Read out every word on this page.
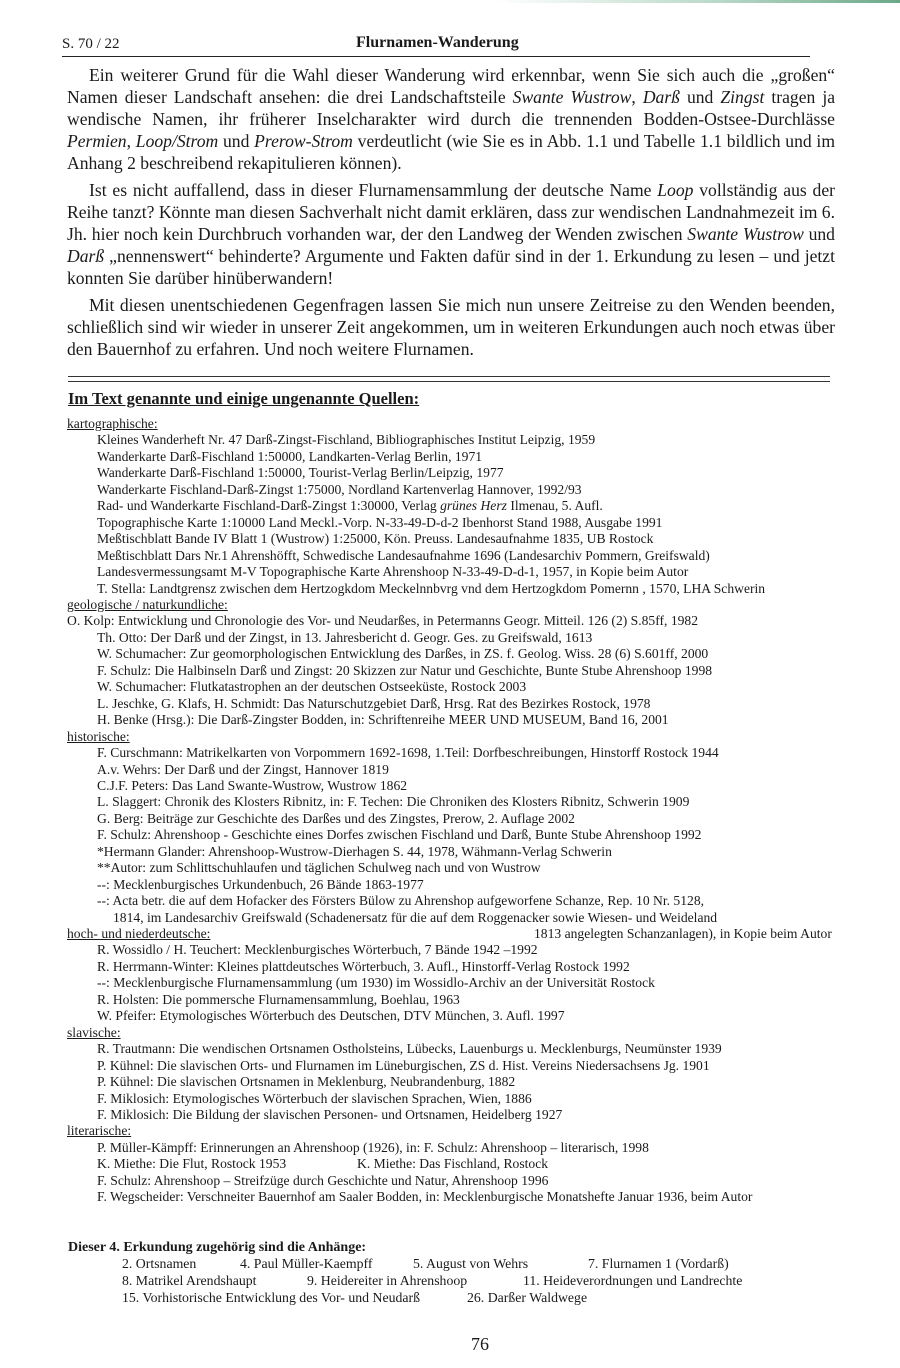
S. 70 / 22	Flurnamen-Wanderung

Ein weiterer Grund für die Wahl dieser Wanderung wird erkennbar, wenn Sie sich auch die „großen“ Namen dieser Landschaft ansehen: die drei Landschaftsteile Swante Wustrow, Darß und Zingst tragen ja wendische Namen, ihr früherer Inselcharakter wird durch die trennenden Bodden-Ostsee-Durchlässe Permien, Loop/Strom und Prerow-Strom verdeutlicht (wie Sie es in Abb. 1.1 und Tabelle 1.1 bildlich und im Anhang 2 beschreibend rekapitulieren können).

Ist es nicht auffallend, dass in dieser Flurnamensammlung der deutsche Name Loop vollständig aus der Reihe tanzt? Könnte man diesen Sachverhalt nicht damit erklären, dass zur wendischen Landnahmezeit im 6. Jh. hier noch kein Durchbruch vorhanden war, der den Landweg der Wenden zwischen Swante Wustrow und Darß „nennenswert“ behinderte? Argumente und Fakten dafür sind in der 1. Erkundung zu lesen – und jetzt konnten Sie darüber hinüberwandern!

Mit diesen unentschiedenen Gegenfragen lassen Sie mich nun unsere Zeitreise zu den Wenden beenden, schließlich sind wir wieder in unserer Zeit angekommen, um in weiteren Erkundungen auch noch etwas über den Bauernhof zu erfahren. Und noch weitere Flurnamen.

Im Text genannte und einige ungenannte Quellen:
kartographische:
Kleines Wanderheft Nr. 47 Darß-Zingst-Fischland, Bibliographisches Institut Leipzig, 1959
Wanderkarte Darß-Fischland 1:50000, Landkarten-Verlag Berlin, 1971
Wanderkarte Darß-Fischland 1:50000, Tourist-Verlag Berlin/Leipzig, 1977
Wanderkarte Fischland-Darß-Zingst 1:75000, Nordland Kartenverlag Hannover, 1992/93
Rad- und Wanderkarte Fischland-Darß-Zingst 1:30000, Verlag grünes Herz Ilmenau, 5. Aufl.
Topographische Karte 1:10000 Land Meckl.-Vorp. N-33-49-D-d-2 Ibenhorst Stand 1988, Ausgabe 1991
Meßtischblatt Bande IV Blatt 1 (Wustrow) 1:25000, Kön. Preuss. Landesaufnahme 1835, UB Rostock
Meßtischblatt Dars Nr.1 Ahrenshöfft, Schwedische Landesaufnahme 1696 (Landesarchiv Pommern, Greifswald)
Landesvermessungsamt M-V Topographische Karte Ahrenshoop N-33-49-D-d-1, 1957, in Kopie beim Autor
T. Stella: Landtgrensz zwischen dem Hertzogkdom Meckelnnbvrg vnd dem Hertzogkdom Pomernn , 1570, LHA Schwerin
geologische / naturkundliche:
O. Kolp: Entwicklung und Chronologie des Vor- und Neudarßes, in Petermanns Geogr. Mitteil. 126 (2) S.85ff, 1982
Th. Otto: Der Darß und der Zingst, in 13. Jahresbericht d. Geogr. Ges. zu Greifswald, 1613
W. Schumacher: Zur geomorphologischen Entwicklung des Darßes, in ZS. f. Geolog. Wiss. 28 (6) S.601ff, 2000
F. Schulz: Die Halbinseln Darß und Zingst: 20 Skizzen zur Natur und Geschichte, Bunte Stube Ahrenshoop 1998
W. Schumacher: Flutkatastrophen an der deutschen Ostseeküste, Rostock 2003
L. Jeschke, G. Klafs, H. Schmidt: Das Naturschutzgebiet Darß, Hrsg. Rat des Bezirkes Rostock, 1978
H. Benke (Hrsg.): Die Darß-Zingster Bodden, in: Schriftenreihe MEER UND MUSEUM, Band 16, 2001
historische:
F. Curschmann: Matrikelkarten von Vorpommern 1692-1698, 1.Teil: Dorfbeschreibungen, Hinstorff Rostock 1944
A.v. Wehrs: Der Darß und der Zingst, Hannover 1819
C.J.F. Peters: Das Land Swante-Wustrow, Wustrow 1862
L. Slaggert: Chronik des Klosters Ribnitz, in: F. Techen: Die Chroniken des Klosters Ribnitz, Schwerin 1909
G. Berg: Beiträge zur Geschichte des Darßes und des Zingstes, Prerow, 2. Auflage 2002
F. Schulz: Ahrenshoop - Geschichte eines Dorfes zwischen Fischland und Darß, Bunte Stube Ahrenshoop 1992
*Hermann Glander: Ahrenshoop-Wustrow-Dierhagen S. 44, 1978, Wähmann-Verlag Schwerin
**Autor: zum Schlittschuhlaufen und täglichen Schulweg nach und von Wustrow
--: Mecklenburgisches Urkundenbuch, 26 Bände 1863-1977
--: Acta betr. die auf dem Hofacker des Försters Bülow zu Ahrenshop aufgeworfene Schanze, Rep. 10 Nr. 5128,
1814, im Landesarchiv Greifswald (Schadenersatz für die auf dem Roggenacker sowie Wiesen- und Weideland
hoch- und niederdeutsche:	1813 angelegten Schanzanlagen), in Kopie beim Autor
R. Wossidlo / H. Teuchert: Mecklenburgisches Wörterbuch, 7 Bände 1942 –1992
R. Herrmann-Winter: Kleines plattdeutsches Wörterbuch, 3. Aufl., Hinstorff-Verlag Rostock 1992
--: Mecklenburgische Flurnamensammlung (um 1930) im Wossidlo-Archiv an der Universität Rostock
R. Holsten: Die pommersche Flurnamensammlung, Boehlau, 1963
W. Pfeifer: Etymologisches Wörterbuch des Deutschen, DTV München, 3. Aufl. 1997
slavische:
R. Trautmann: Die wendischen Ortsnamen Ostholsteins, Lübecks, Lauenburgs u. Mecklenburgs, Neumünster 1939
P. Kühnel: Die slavischen Orts- und Flurnamen im Lüneburgischen, ZS d. Hist. Vereins Niedersachsens Jg. 1901
P. Kühnel: Die slavischen Ortsnamen in Meklenburg, Neubrandenburg, 1882
F. Miklosich: Etymologisches Wörterbuch der slavischen Sprachen, Wien, 1886
F. Miklosich: Die Bildung der slavischen Personen- und Ortsnamen, Heidelberg 1927
literarische:
P. Müller-Kämpff: Erinnerungen an Ahrenshoop (1926), in: F. Schulz: Ahrenshoop – literarisch, 1998
K. Miethe: Die Flut, Rostock 1953	K. Miethe: Das Fischland, Rostock
F. Schulz: Ahrenshoop – Streifzüge durch Geschichte und Natur, Ahrenshoop 1996
F. Wegscheider: Verschneiter Bauernhof am Saaler Bodden, in: Mecklenburgische Monatshefte Januar 1936, beim Autor
Dieser 4. Erkundung zugehörig sind die Anhänge:
2. Ortsnamen	4. Paul Müller-Kaempff	5. August von Wehrs	7. Flurnamen 1 (Vordarß)
8. Matrikel Arendshaupt	9. Heidereiter in Ahrenshoop	11. Heideverordnungen und Landrechte
15. Vorhistorische Entwicklung des Vor- und Neudarß	26. Darßer Waldwege
76
